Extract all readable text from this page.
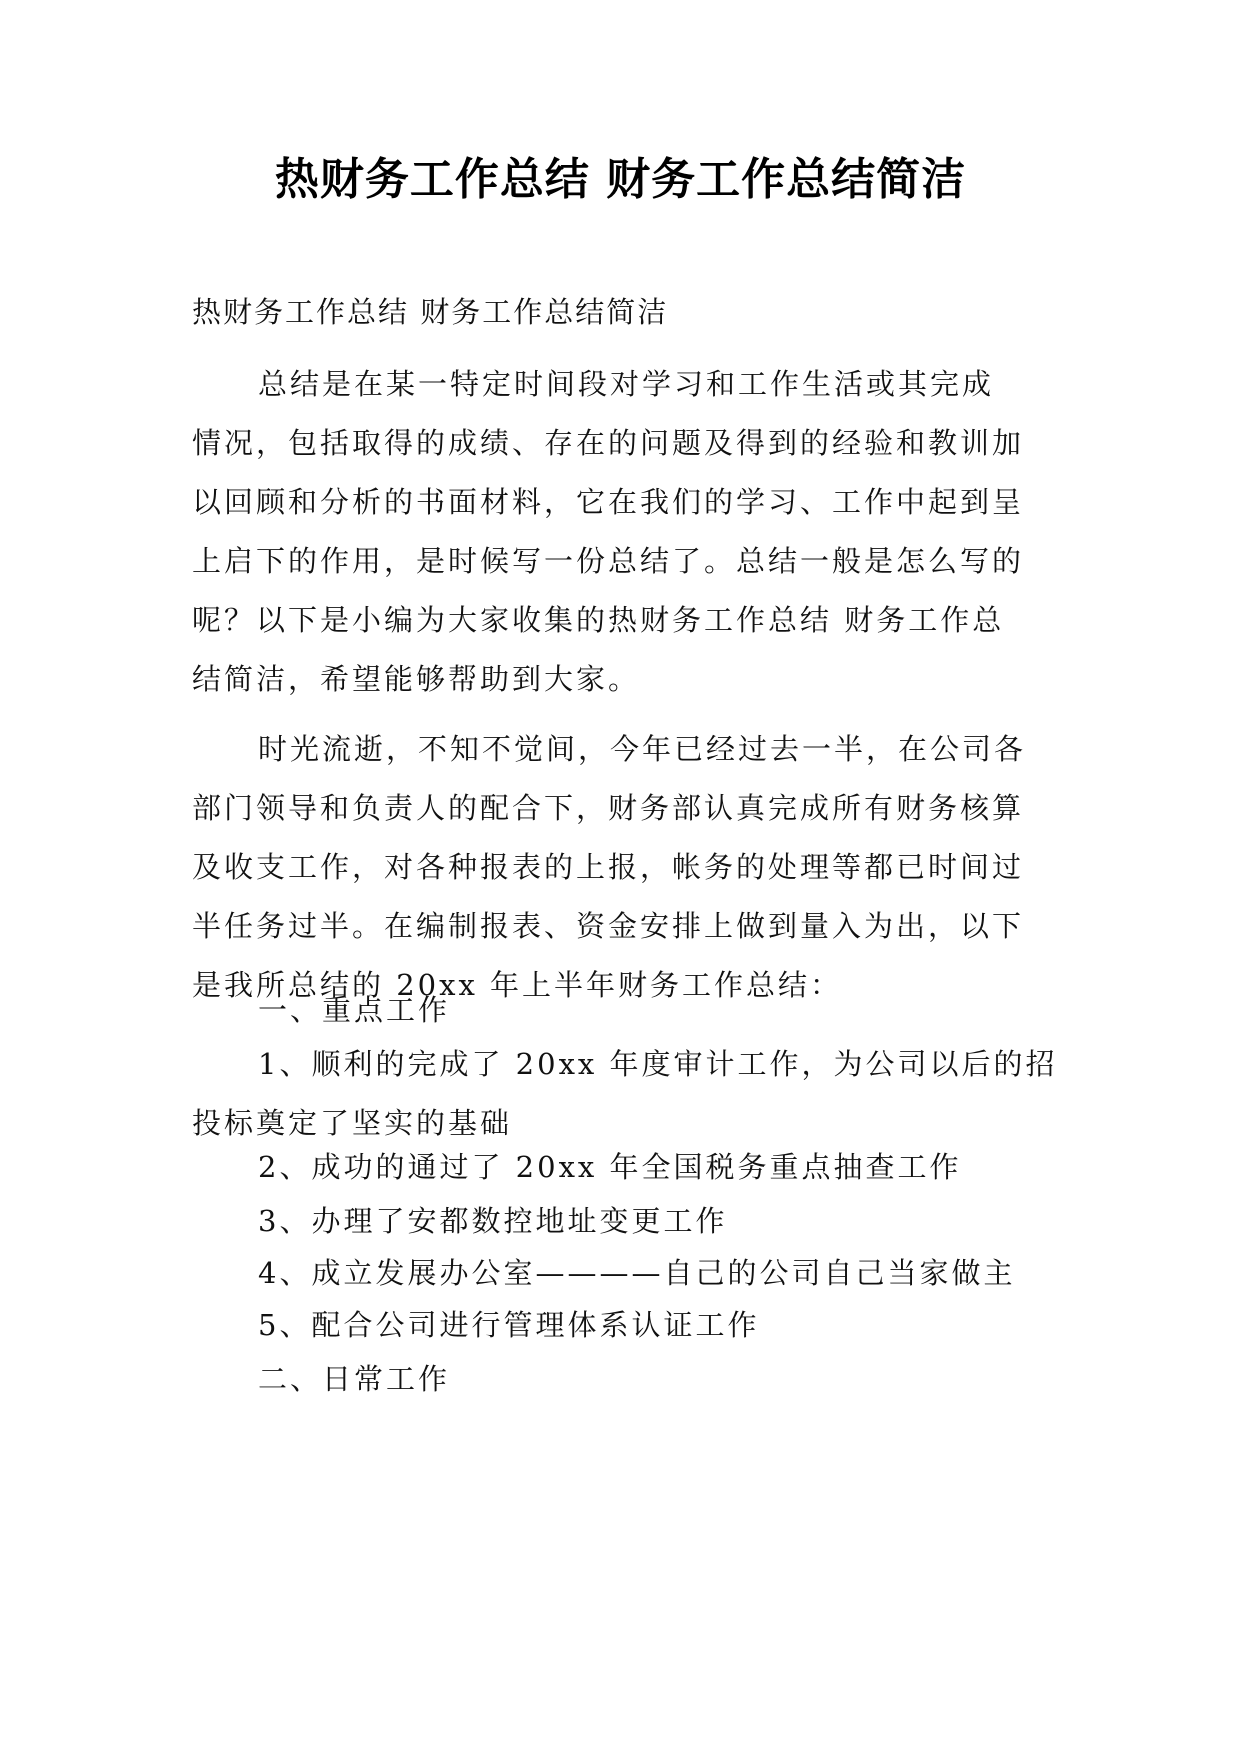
热财务工作总结 财务工作总结简洁
热财务工作总结 财务工作总结简洁
总结是在某一特定时间段对学习和工作生活或其完成
情况，包括取得的成绩、存在的问题及得到的经验和教训加
以回顾和分析的书面材料，它在我们的学习、工作中起到呈
上启下的作用，是时候写一份总结了。总结一般是怎么写的
呢？以下是小编为大家收集的热财务工作总结 财务工作总
结简洁，希望能够帮助到大家。
时光流逝，不知不觉间，今年已经过去一半，在公司各
部门领导和负责人的配合下，财务部认真完成所有财务核算
及收支工作，对各种报表的上报，帐务的处理等都已时间过
半任务过半。在编制报表、资金安排上做到量入为出，以下
是我所总结的 20xx 年上半年财务工作总结：
一、重点工作
1、顺利的完成了 20xx 年度审计工作，为公司以后的招
投标奠定了坚实的基础
2、成功的通过了 20xx 年全国税务重点抽查工作
3、办理了安都数控地址变更工作
4、成立发展办公室————自己的公司自己当家做主
5、配合公司进行管理体系认证工作
二、日常工作
